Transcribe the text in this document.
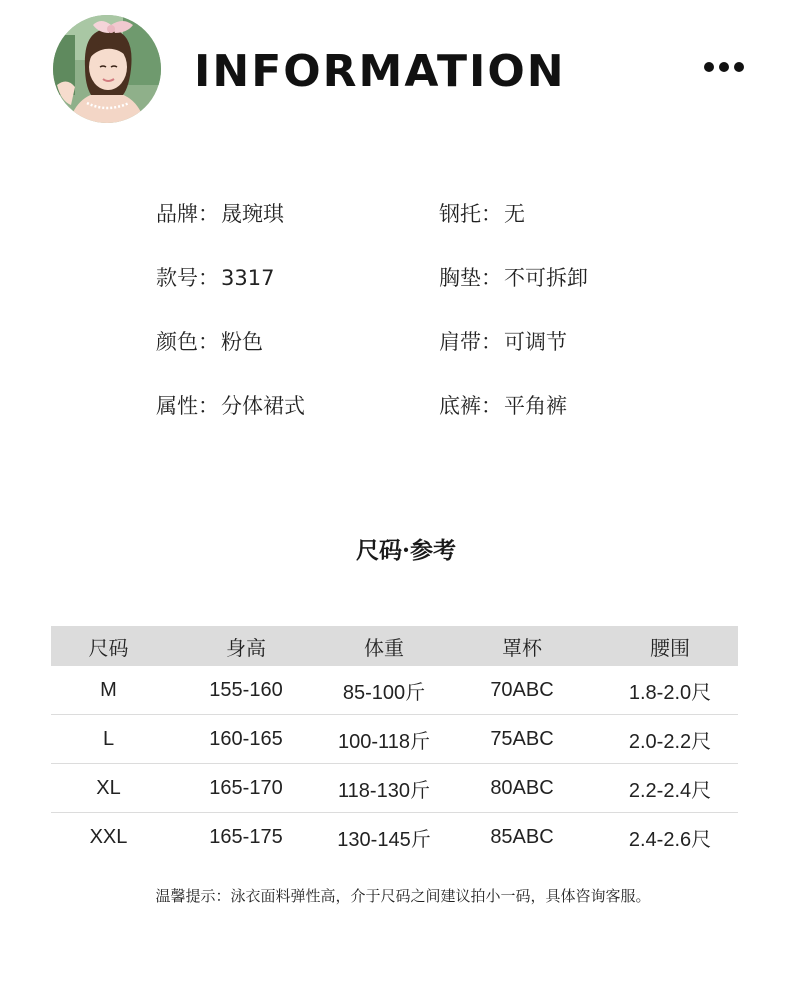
INFORMATION
品牌：晟琬琪
款号：3317
颜色：粉色
属性：分体裙式
钢托：无
胸垫：不可拆卸
肩带：可调节
底裤：平角裤
尺码·参考
尺码	身高	体重	罩杯	腰围
M	155-160	85-100斤	70ABC	1.8-2.0尺
L	160-165	100-118斤	75ABC	2.0-2.2尺
XL	165-170	118-130斤	80ABC	2.2-2.4尺
XXL	165-175	130-145斤	85ABC	2.4-2.6尺
温馨提示：泳衣面料弹性高，介于尺码之间建议拍小一码，具体咨询客服。
